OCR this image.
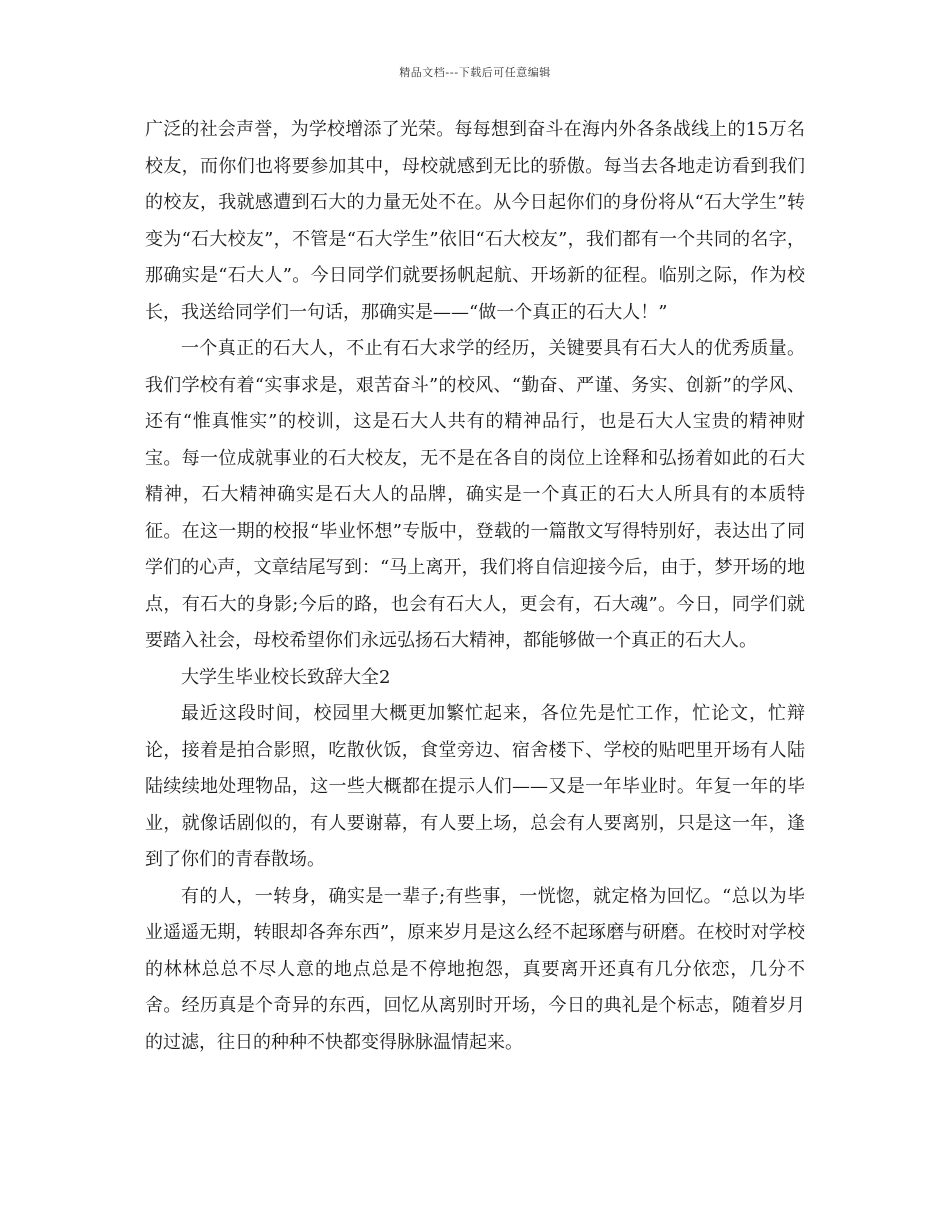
精品文档---下载后可任意编辑

广泛的社会声誉，为学校增添了光荣。每每想到奋斗在海内外各条战线上的15万名校友，而你们也将要参加其中，母校就感到无比的骄傲。每当去各地走访看到我们的校友，我就感遭到石大的力量无处不在。从今日起你们的身份将从“石大学生”转变为“石大校友”，不管是“石大学生”依旧“石大校友”，我们都有一个共同的名字，那确实是“石大人”。今日同学们就要扬帆起航、开场新的征程。临别之际，作为校长，我送给同学们一句话，那确实是——“做一个真正的石大人！”

一个真正的石大人，不止有石大求学的经历，关键要具有石大人的优秀质量。我们学校有着“实事求是，艰苦奋斗”的校风、“勤奋、严谨、务实、创新”的学风、还有“惟真惟实”的校训，这是石大人共有的精神品行，也是石大人宝贵的精神财宝。每一位成就事业的石大校友，无不是在各自的岗位上诠释和弘扬着如此的石大精神，石大精神确实是石大人的品牌，确实是一个真正的石大人所具有的本质特征。在这一期的校报“毕业怀想”专版中，登载的一篇散文写得特别好，表达出了同学们的心声，文章结尾写到：“马上离开，我们将自信迎接今后，由于，梦开场的地点，有石大的身影;今后的路，也会有石大人，更会有，石大魂”。今日，同学们就要踏入社会，母校希望你们永远弘扬石大精神，都能够做一个真正的石大人。

大学生毕业校长致辞大全2

最近这段时间，校园里大概更加繁忙起来，各位先是忙工作，忙论文，忙辩论，接着是拍合影照，吃散伙饭，食堂旁边、宿舍楼下、学校的贴吧里开场有人陆陆续续地处理物品，这一些大概都在提示人们——又是一年毕业时。年复一年的毕业，就像话剧似的，有人要谢幕，有人要上场，总会有人要离别，只是这一年，逢到了你们的青春散场。

有的人，一转身，确实是一辈子;有些事，一恍惚，就定格为回忆。“总以为毕业遥遥无期，转眼却各奔东西”，原来岁月是这么经不起琢磨与研磨。在校时对学校的林林总总不尽人意的地点总是不停地抱怨，真要离开还真有几分依恋，几分不舍。经历真是个奇异的东西，回忆从离别时开场，今日的典礼是个标志，随着岁月的过滤，往日的种种不快都变得脉脉温情起来。
